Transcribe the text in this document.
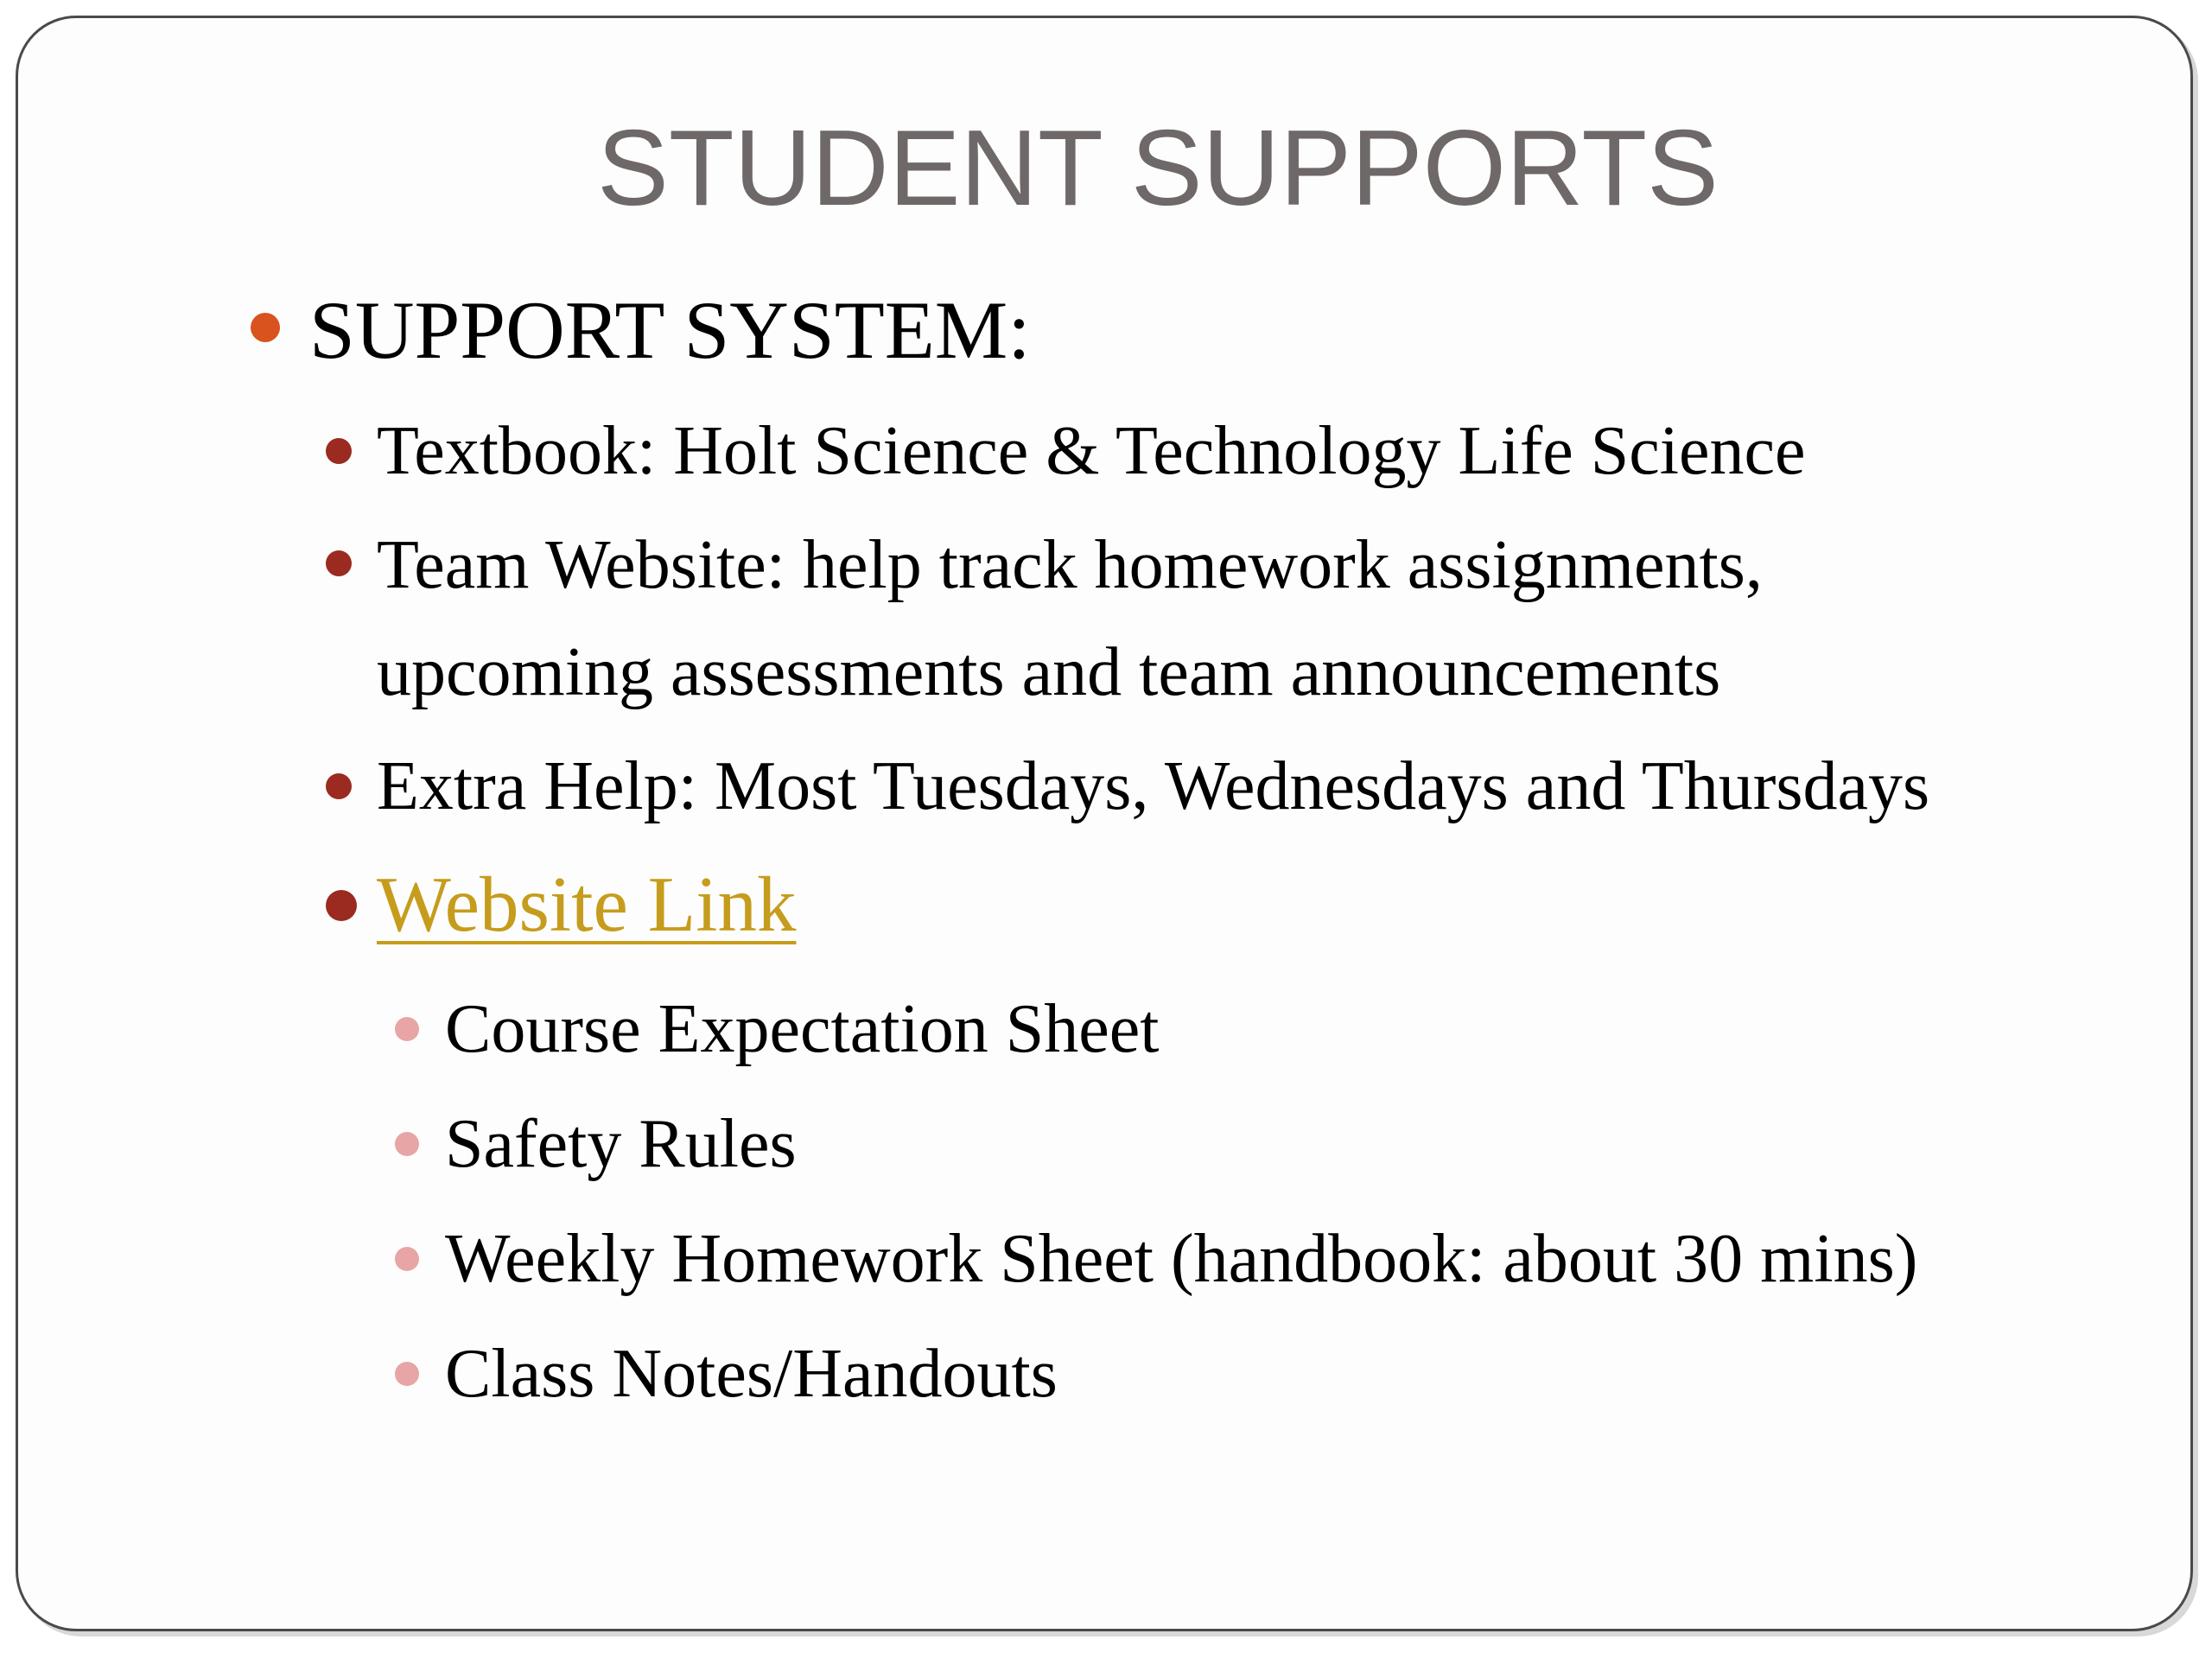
STUDENT SUPPORTS
SUPPORT SYSTEM:
Textbook: Holt Science & Technology Life Science
Team Website: help track homework assignments,
upcoming assessments and team announcements
Extra Help: Most Tuesdays, Wednesdays and Thursdays
Website Link
Course Expectation Sheet
Safety Rules
Weekly Homework Sheet (handbook: about 30 mins)
Class Notes/Handouts
